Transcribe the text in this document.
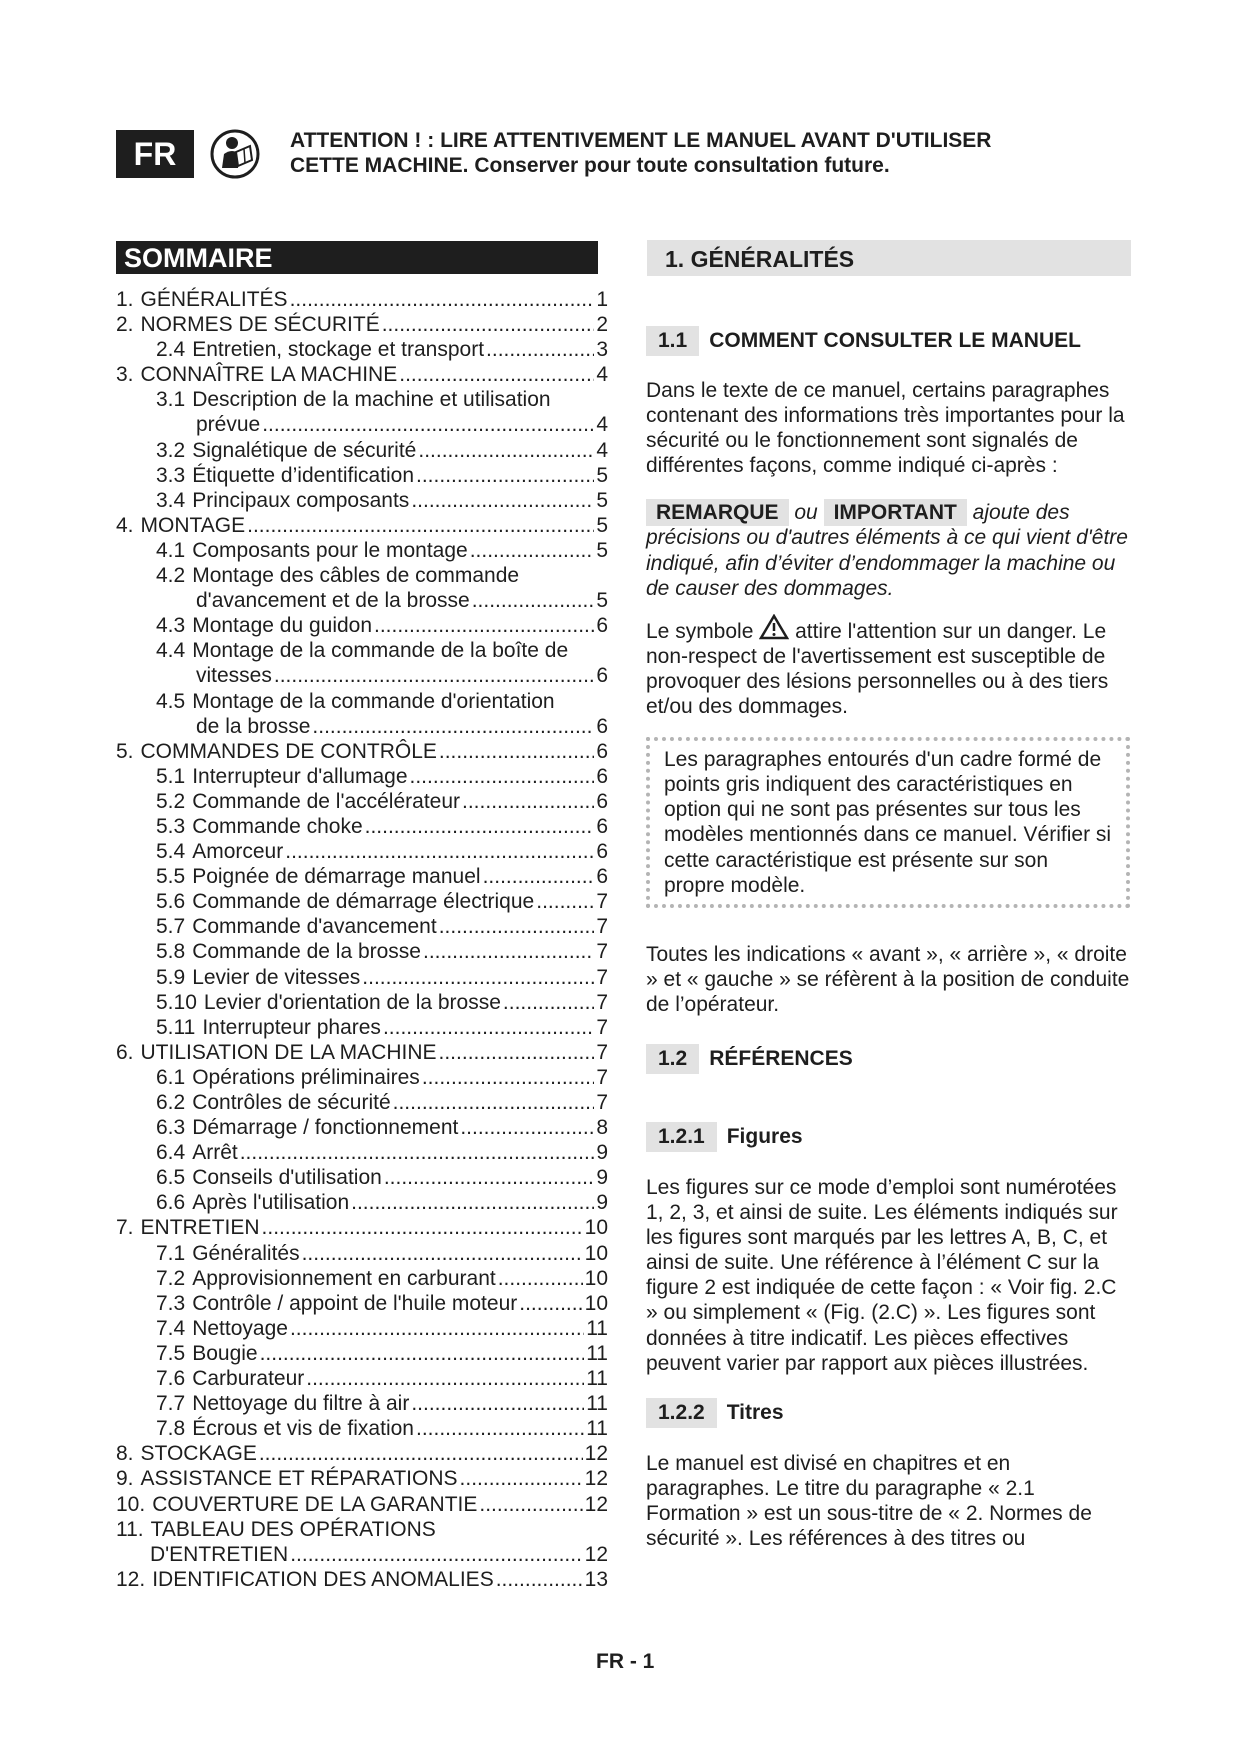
FR	ATTENTION ! : LIRE ATTENTIVEMENT LE MANUEL AVANT D'UTILISER
CETTE MACHINE. Conserver pour toute consultation future.
SOMMAIRE
1. GÉNÉRALITÉS .....	1
2. NORMES DE SÉCURITÉ .....	2
2.4 Entretien, stockage et transport .....	3
3. CONNAÎTRE LA MACHINE .....	4
3.1 Description de la machine et utilisation
prévue .....	4
3.2 Signalétique de sécurité .....	4
3.3 Étiquette d’identification .....	5
3.4 Principaux composants .....	5
4. MONTAGE .....	5
4.1 Composants pour le montage .....	5
4.2 Montage des câbles de commande
d'avancement et de la brosse .....	5
4.3 Montage du guidon .....	6
4.4 Montage de la commande de la boîte de
vitesses .....	6
4.5 Montage de la commande d'orientation
de la brosse .....	6
5. COMMANDES DE CONTRÔLE .....	6
5.1 Interrupteur d'allumage .....	6
5.2 Commande de l'accélérateur .....	6
5.3 Commande choke .....	6
5.4 Amorceur .....	6
5.5 Poignée de démarrage manuel .....	6
5.6 Commande de démarrage électrique .....	7
5.7 Commande d'avancement .....	7
5.8 Commande de la brosse .....	7
5.9 Levier de vitesses .....	7
5.10 Levier d'orientation de la brosse .....	7
5.11 Interrupteur phares .....	7
6. UTILISATION DE LA MACHINE .....	7
6.1 Opérations préliminaires .....	7
6.2 Contrôles de sécurité .....	7
6.3 Démarrage / fonctionnement .....	8
6.4 Arrêt .....	9
6.5 Conseils d'utilisation .....	9
6.6 Après l'utilisation .....	9
7. ENTRETIEN .....	10
7.1 Généralités .....	10
7.2 Approvisionnement en carburant .....	10
7.3 Contrôle / appoint de l'huile moteur .....	10
7.4 Nettoyage .....	11
7.5 Bougie .....	11
7.6 Carburateur .....	11
7.7 Nettoyage du filtre à air .....	11
7.8 Écrous et vis de fixation .....	11
8. STOCKAGE .....	12
9. ASSISTANCE ET RÉPARATIONS .....	12
10. COUVERTURE DE LA GARANTIE .....	12
11. TABLEAU DES OPÉRATIONS
D'ENTRETIEN .....	12
12. IDENTIFICATION DES ANOMALIES .....	13
1. GÉNÉRALITÉS
1.1	COMMENT CONSULTER LE MANUEL
Dans le texte de ce manuel, certains paragraphes contenant des informations très importantes pour la sécurité ou le fonctionnement sont signalés de différentes façons, comme indiqué ci-après :
REMARQUE ou IMPORTANT ajoute des précisions ou d'autres éléments à ce qui vient d'être indiqué, afin d’éviter d’endommager la machine ou de causer des dommages.
Le symbole attire l'attention sur un danger. Le non-respect de l'avertissement est susceptible de provoquer des lésions personnelles ou à des tiers et/ou des dommages.
Les paragraphes entourés d'un cadre formé de points gris indiquent des caractéristiques en option qui ne sont pas présentes sur tous les modèles mentionnés dans ce manuel. Vérifier si cette caractéristique est présente sur son propre modèle.
Toutes les indications « avant », « arrière », « droite » et « gauche » se réfèrent à la position de conduite de l’opérateur.
1.2	RÉFÉRENCES
1.2.1	Figures
Les figures sur ce mode d’emploi sont numérotées 1, 2, 3, et ainsi de suite. Les éléments indiqués sur les figures sont marqués par les lettres A, B, C, et ainsi de suite. Une référence à l’élément C sur la figure 2 est indiquée de cette façon : « Voir fig. 2.C » ou simplement « (Fig. (2.C) ». Les figures sont données à titre indicatif. Les pièces effectives peuvent varier par rapport aux pièces illustrées.
1.2.2	Titres
Le manuel est divisé en chapitres et en paragraphes. Le titre du paragraphe « 2.1 Formation » est un sous-titre de « 2. Normes de sécurité ». Les références à des titres ou
FR - 1
